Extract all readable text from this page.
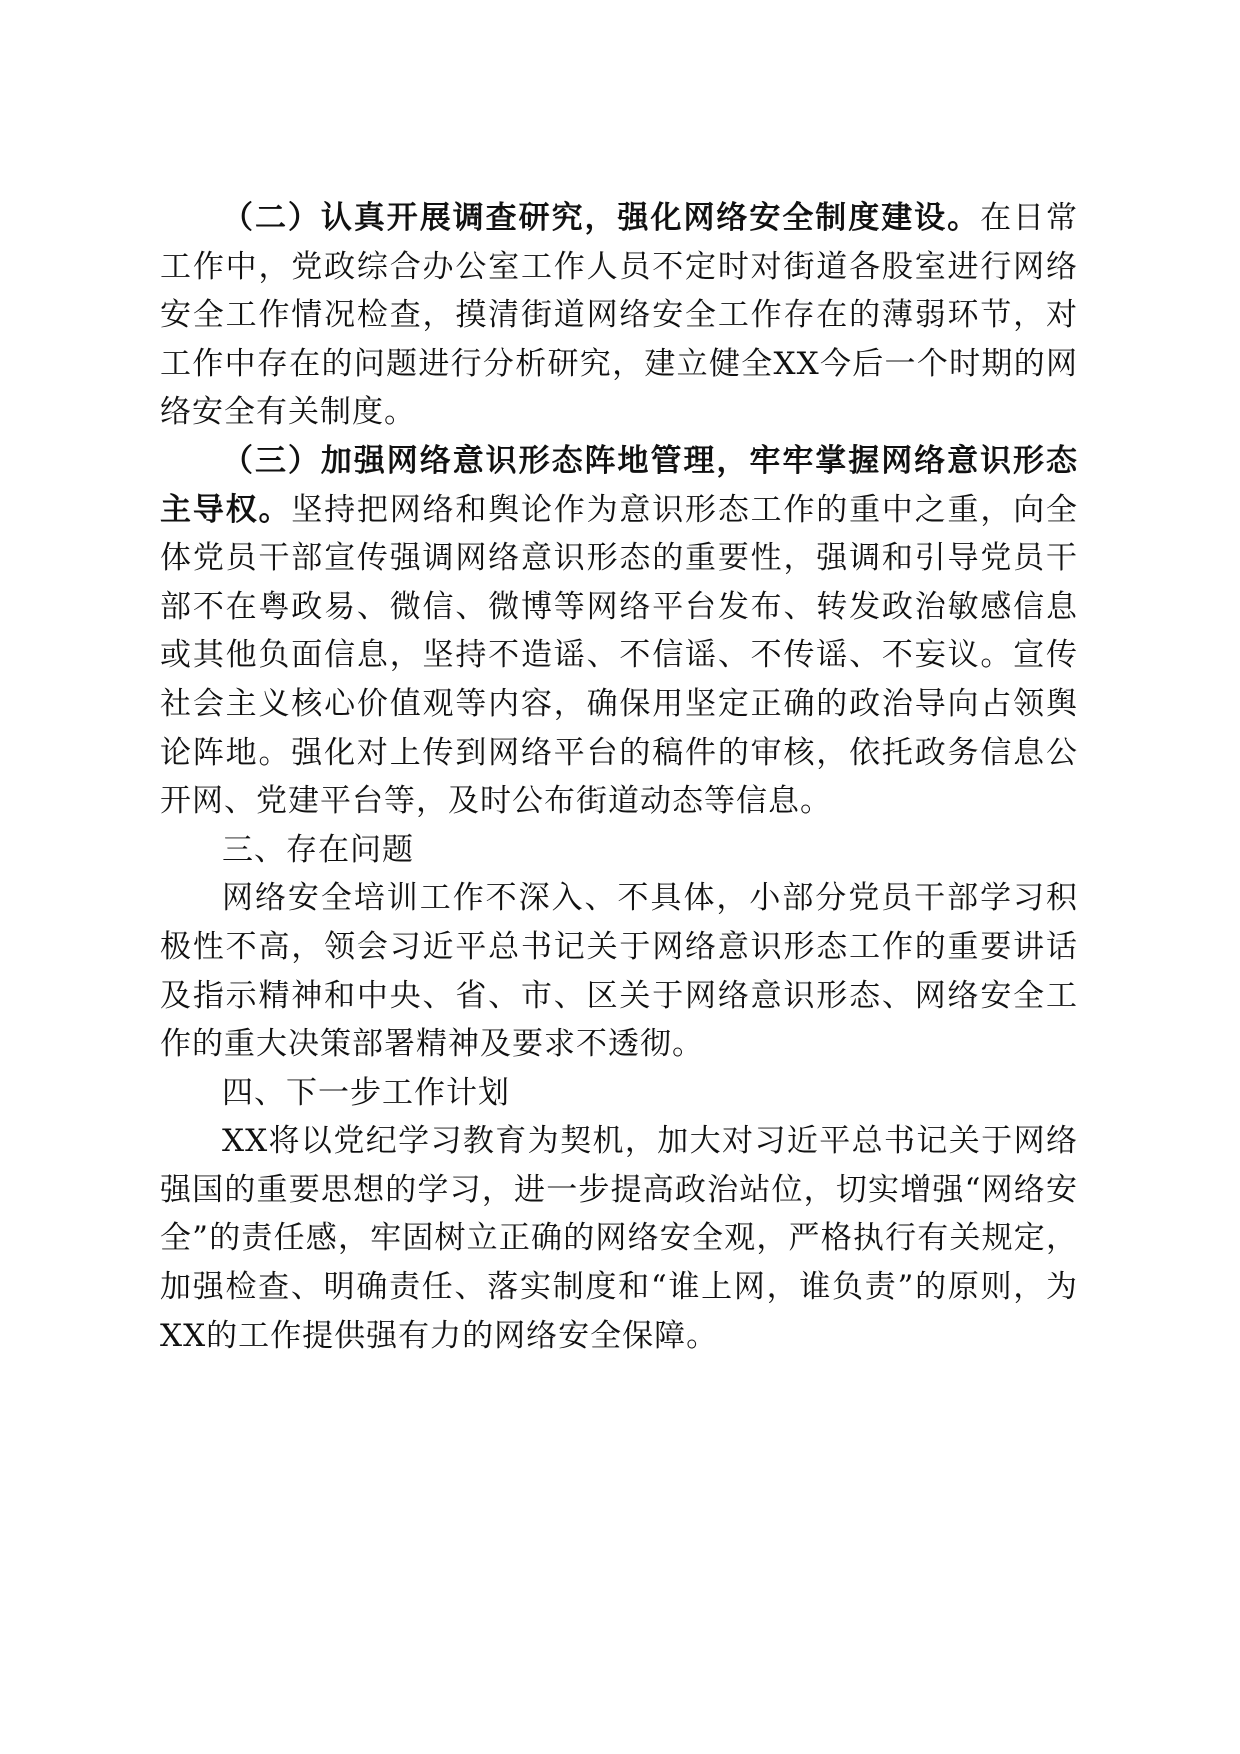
（二）认真开展调查研究，强化网络安全制度建设。在日常工作中，党政综合办公室工作人员不定时对街道各股室进行网络安全工作情况检查，摸清街道网络安全工作存在的薄弱环节，对工作中存在的问题进行分析研究，建立健全XX今后一个时期的网络安全有关制度。

（三）加强网络意识形态阵地管理，牢牢掌握网络意识形态主导权。坚持把网络和舆论作为意识形态工作的重中之重，向全体党员干部宣传强调网络意识形态的重要性，强调和引导党员干部不在粤政易、微信、微博等网络平台发布、转发政治敏感信息或其他负面信息，坚持不造谣、不信谣、不传谣、不妄议。宣传社会主义核心价值观等内容，确保用坚定正确的政治导向占领舆论阵地。强化对上传到网络平台的稿件的审核，依托政务信息公开网、党建平台等，及时公布街道动态等信息。

三、存在问题

网络安全培训工作不深入、不具体，小部分党员干部学习积极性不高，领会习近平总书记关于网络意识形态工作的重要讲话及指示精神和中央、省、市、区关于网络意识形态、网络安全工作的重大决策部署精神及要求不透彻。

四、下一步工作计划

XX将以党纪学习教育为契机，加大对习近平总书记关于网络强国的重要思想的学习，进一步提高政治站位，切实增强“网络安全”的责任感，牢固树立正确的网络安全观，严格执行有关规定，加强检查、明确责任、落实制度和“谁上网，谁负责”的原则，为XX的工作提供强有力的网络安全保障。
